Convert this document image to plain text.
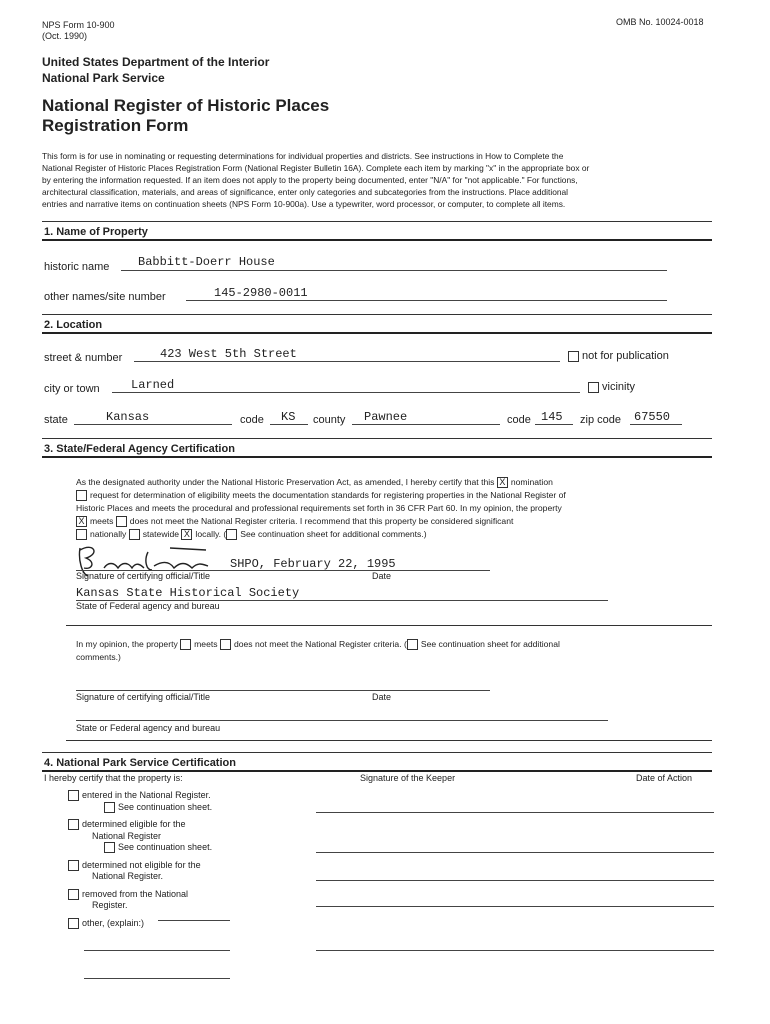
NPS Form 10-900
(Oct. 1990)
OMB No. 10024-0018
United States Department of the Interior
National Park Service
National Register of Historic Places
Registration Form
This form is for use in nominating or requesting determinations for individual properties and districts. See instructions in How to Complete the
National Register of Historic Places Registration Form (National Register Bulletin 16A). Complete each item by marking "x" in the appropriate box or
by entering the information requested. If an item does not apply to the property being documented, enter "N/A" for "not applicable." For functions,
architectural classification, materials, and areas of significance, enter only categories and subcategories from the instructions. Place additional
entries and narrative items on continuation sheets (NPS Form 10-900a). Use a typewriter, word processor, or computer, to complete all items.
1. Name of Property
historic name Babbitt-Doerr House
other names/site number	145-2980-0011
2. Location
street & number	423 West 5th Street	not for publication
city or town	Larned	vicinity
state	Kansas	code KS county Pawnee	code 145 zip code 67550
3. State/Federal Agency Certification
As the designated authority under the National Historic Preservation Act, as amended, I hereby certify that this X nomination
request for determination of eligibility meets the documentation standards for registering properties in the National Register of
Historic Places and meets the procedural and professional requirements set forth in 36 CFR Part 60. In my opinion, the property
X meets does not meet the National Register criteria. I recommend that this property be considered significant
nationally statewide X locally. ( See continuation sheet for additional comments.)
SHPO, February 22, 1995
Signature of certifying official/Title	Date
Kansas State Historical Society
State of Federal agency and bureau
In my opinion, the property meets does not meet the National Register criteria. ( See continuation sheet for additional
comments.)
Signature of certifying official/Title	Date
State or Federal agency and bureau
4. National Park Service Certification
I hereby certify that the property is:	Signature of the Keeper	Date of Action
entered in the National Register.
See continuation sheet.
determined eligible for the
National Register
See continuation sheet.
determined not eligible for the
National Register.
removed from the National
Register.
other, (explain:)
